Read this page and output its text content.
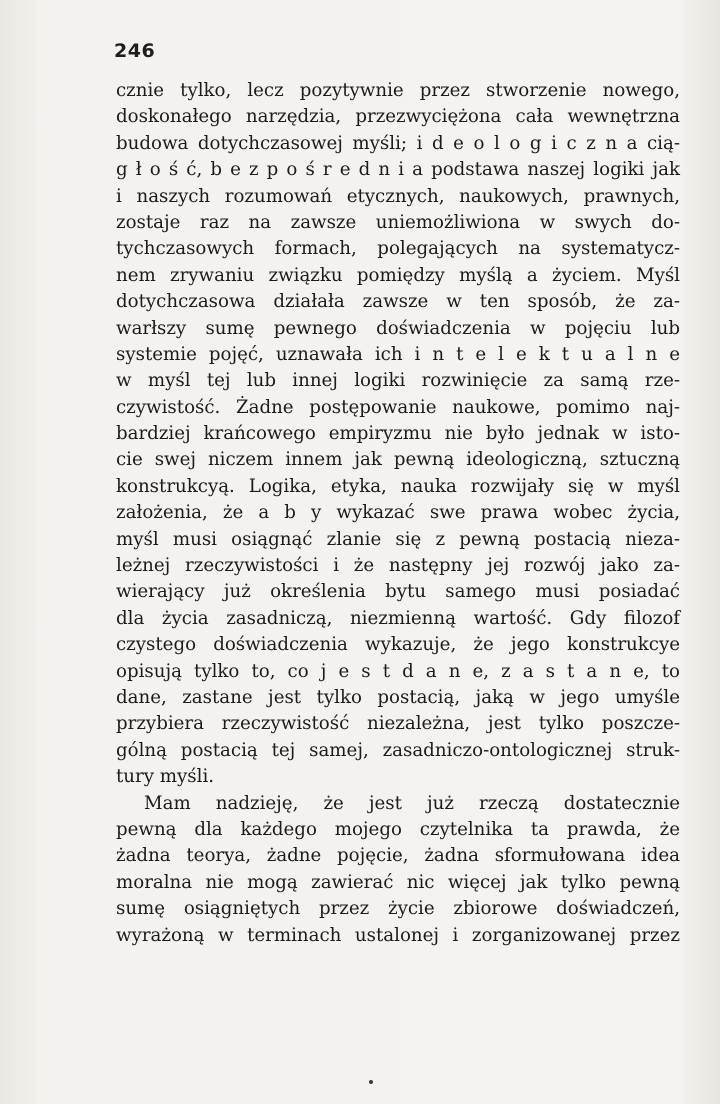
246
cznie tylko, lecz pozytywnie przez stworzenie nowego,
doskonałego narzędzia, przezwyciężona cała wewnętrzna
budowa dotychczasowej myśli; i d e o l o g i c z n a cią-
g ł o ś ć, b e z p o ś r e d n i a podstawa naszej logiki jak
i naszych rozumowań etycznych, naukowych, prawnych,
zostaje raz na zawsze uniemożliwiona w swych do-
tychczasowych formach, polegających na systematycz-
nem zrywaniu związku pomiędzy myślą a życiem. Myśl
dotychczasowa działała zawsze w ten sposób, że za-
warłszy sumę pewnego doświadczenia w pojęciu lub
systemie pojęć, uznawała ich i n t e l e k t u a l n e
w myśl tej lub innej logiki rozwinięcie za samą rze-
czywistość. Żadne postępowanie naukowe, pomimo naj-
bardziej krańcowego empiryzmu nie było jednak w isto-
cie swej niczem innem jak pewną ideologiczną, sztuczną
konstrukcyą. Logika, etyka, nauka rozwijały się w myśl
założenia, że a b y wykazać swe prawa wobec życia,
myśl musi osiągnąć zlanie się z pewną postacią nieza-
leżnej rzeczywistości i że następny jej rozwój jako za-
wierający już określenia bytu samego musi posiadać
dla życia zasadniczą, niezmienną wartość. Gdy filozof
czystego doświadczenia wykazuje, że jego konstrukcye
opisują tylko to, co j e s t d a n e, z a s t a n e, to
dane, zastane jest tylko postacią, jaką w jego umyśle
przybiera rzeczywistość niezależna, jest tylko poszcze-
gólną postacią tej samej, zasadniczo-ontologicznej struk-
tury myśli.
Mam nadzieję, że jest już rzeczą dostatecznie
pewną dla każdego mojego czytelnika ta prawda, że
żadna teorya, żadne pojęcie, żadna sformułowana idea
moralna nie mogą zawierać nic więcej jak tylko pewną
sumę osiągniętych przez życie zbiorowe doświadczeń,
wyrażoną w terminach ustalonej i zorganizowanej przez
